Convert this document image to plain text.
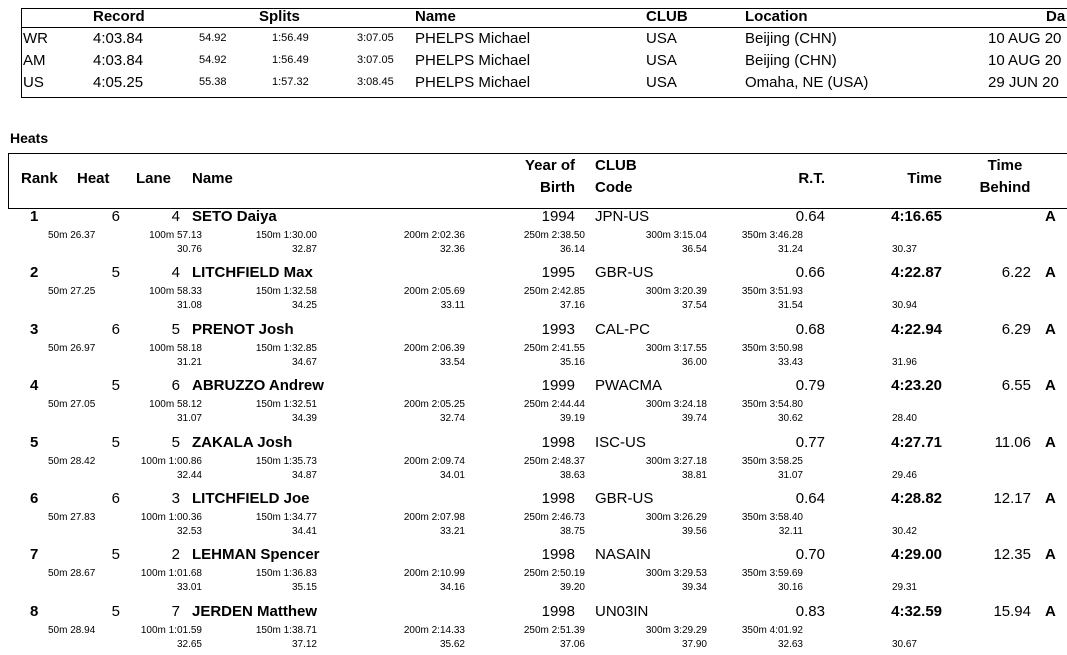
Record	Splits	Name	CLUB	Location	Da
WR	4:03.84	54.92	1:56.49	3:07.05 PHELPS Michael	USA	Beijing (CHN)	10 AUG 20
AM	4:03.84	54.92	1:56.49	3:07.05 PHELPS Michael	USA	Beijing (CHN)	10 AUG 20
US	4:05.25	55.38	1:57.32	3:08.45 PHELPS Michael	USA	Omaha, NE (USA)	29 JUN 20
Heats
Rank Heat Lane Name
Year of
Birth
CLUB
Code
R.T.	Time
Time
Behind
1	6	4 SETO Daiya	1994 JPN-US	0.64	4:16.65	A
50m 26.37	100m 57.13	150m 1:30.00	200m 2:02.36	250m 2:38.50	300m 3:15.04	350m 3:46.28
30.76	32.87	32.36	36.14	36.54	31.24	30.37
2	5	4 LITCHFIELD Max	1995 GBR-US	0.66	4:22.87	6.22 A
50m 27.25	100m 58.33	150m 1:32.58	200m 2:05.69	250m 2:42.85	300m 3:20.39	350m 3:51.93
31.08	34.25	33.11	37.16	37.54	31.54	30.94
3	6	5 PRENOT Josh	1993 CAL-PC	0.68	4:22.94	6.29 A
50m 26.97	100m 58.18	150m 1:32.85	200m 2:06.39	250m 2:41.55	300m 3:17.55	350m 3:50.98
31.21	34.67	33.54	35.16	36.00	33.43	31.96
4	5	6 ABRUZZO Andrew	1999 PWACMA	0.79	4:23.20	6.55 A
50m 27.05	100m 58.12	150m 1:32.51	200m 2:05.25	250m 2:44.44	300m 3:24.18	350m 3:54.80
31.07	34.39	32.74	39.19	39.74	30.62	28.40
5	5	5 ZAKALA Josh	1998 ISC-US	0.77	4:27.71	11.06 A
50m 28.42	100m 1:00.86	150m 1:35.73	200m 2:09.74	250m 2:48.37	300m 3:27.18	350m 3:58.25
32.44	34.87	34.01	38.63	38.81	31.07	29.46
6	6	3 LITCHFIELD Joe	1998 GBR-US	0.64	4:28.82	12.17 A
50m 27.83	100m 1:00.36	150m 1:34.77	200m 2:07.98	250m 2:46.73	300m 3:26.29	350m 3:58.40
32.53	34.41	33.21	38.75	39.56	32.11	30.42
7	5	2 LEHMAN Spencer	1998 NASAIN	0.70	4:29.00	12.35 A
50m 28.67	100m 1:01.68	150m 1:36.83	200m 2:10.99	250m 2:50.19	300m 3:29.53	350m 3:59.69
33.01	35.15	34.16	39.20	39.34	30.16	29.31
8	5	7 JERDEN Matthew	1998 UN03IN	0.83	4:32.59	15.94 A
50m 28.94	100m 1:01.59	150m 1:38.71	200m 2:14.33	250m 2:51.39	300m 3:29.29	350m 4:01.92
32.65	37.12	35.62	37.06	37.90	32.63	30.67
